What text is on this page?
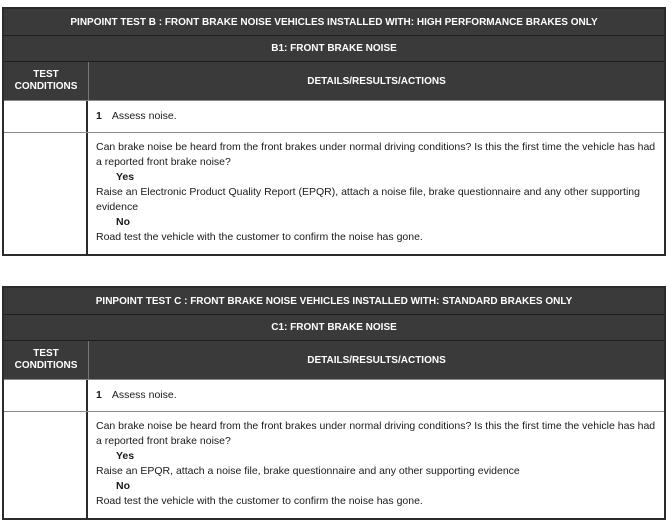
PINPOINT TEST B : FRONT BRAKE NOISE VEHICLES INSTALLED WITH: HIGH PERFORMANCE BRAKES ONLY
B1: FRONT BRAKE NOISE
TEST CONDITIONS	DETAILS/RESULTS/ACTIONS
1 Assess noise.
Can brake noise be heard from the front brakes under normal driving conditions? Is this the first time the vehicle has had a reported front brake noise?
Yes
Raise an Electronic Product Quality Report (EPQR), attach a noise file, brake questionnaire and any other supporting evidence
No
Road test the vehicle with the customer to confirm the noise has gone.
PINPOINT TEST C : FRONT BRAKE NOISE VEHICLES INSTALLED WITH: STANDARD BRAKES ONLY
C1: FRONT BRAKE NOISE
TEST CONDITIONS	DETAILS/RESULTS/ACTIONS
1 Assess noise.
Can brake noise be heard from the front brakes under normal driving conditions? Is this the first time the vehicle has had a reported front brake noise?
Yes
Raise an EPQR, attach a noise file, brake questionnaire and any other supporting evidence
No
Road test the vehicle with the customer to confirm the noise has gone.
